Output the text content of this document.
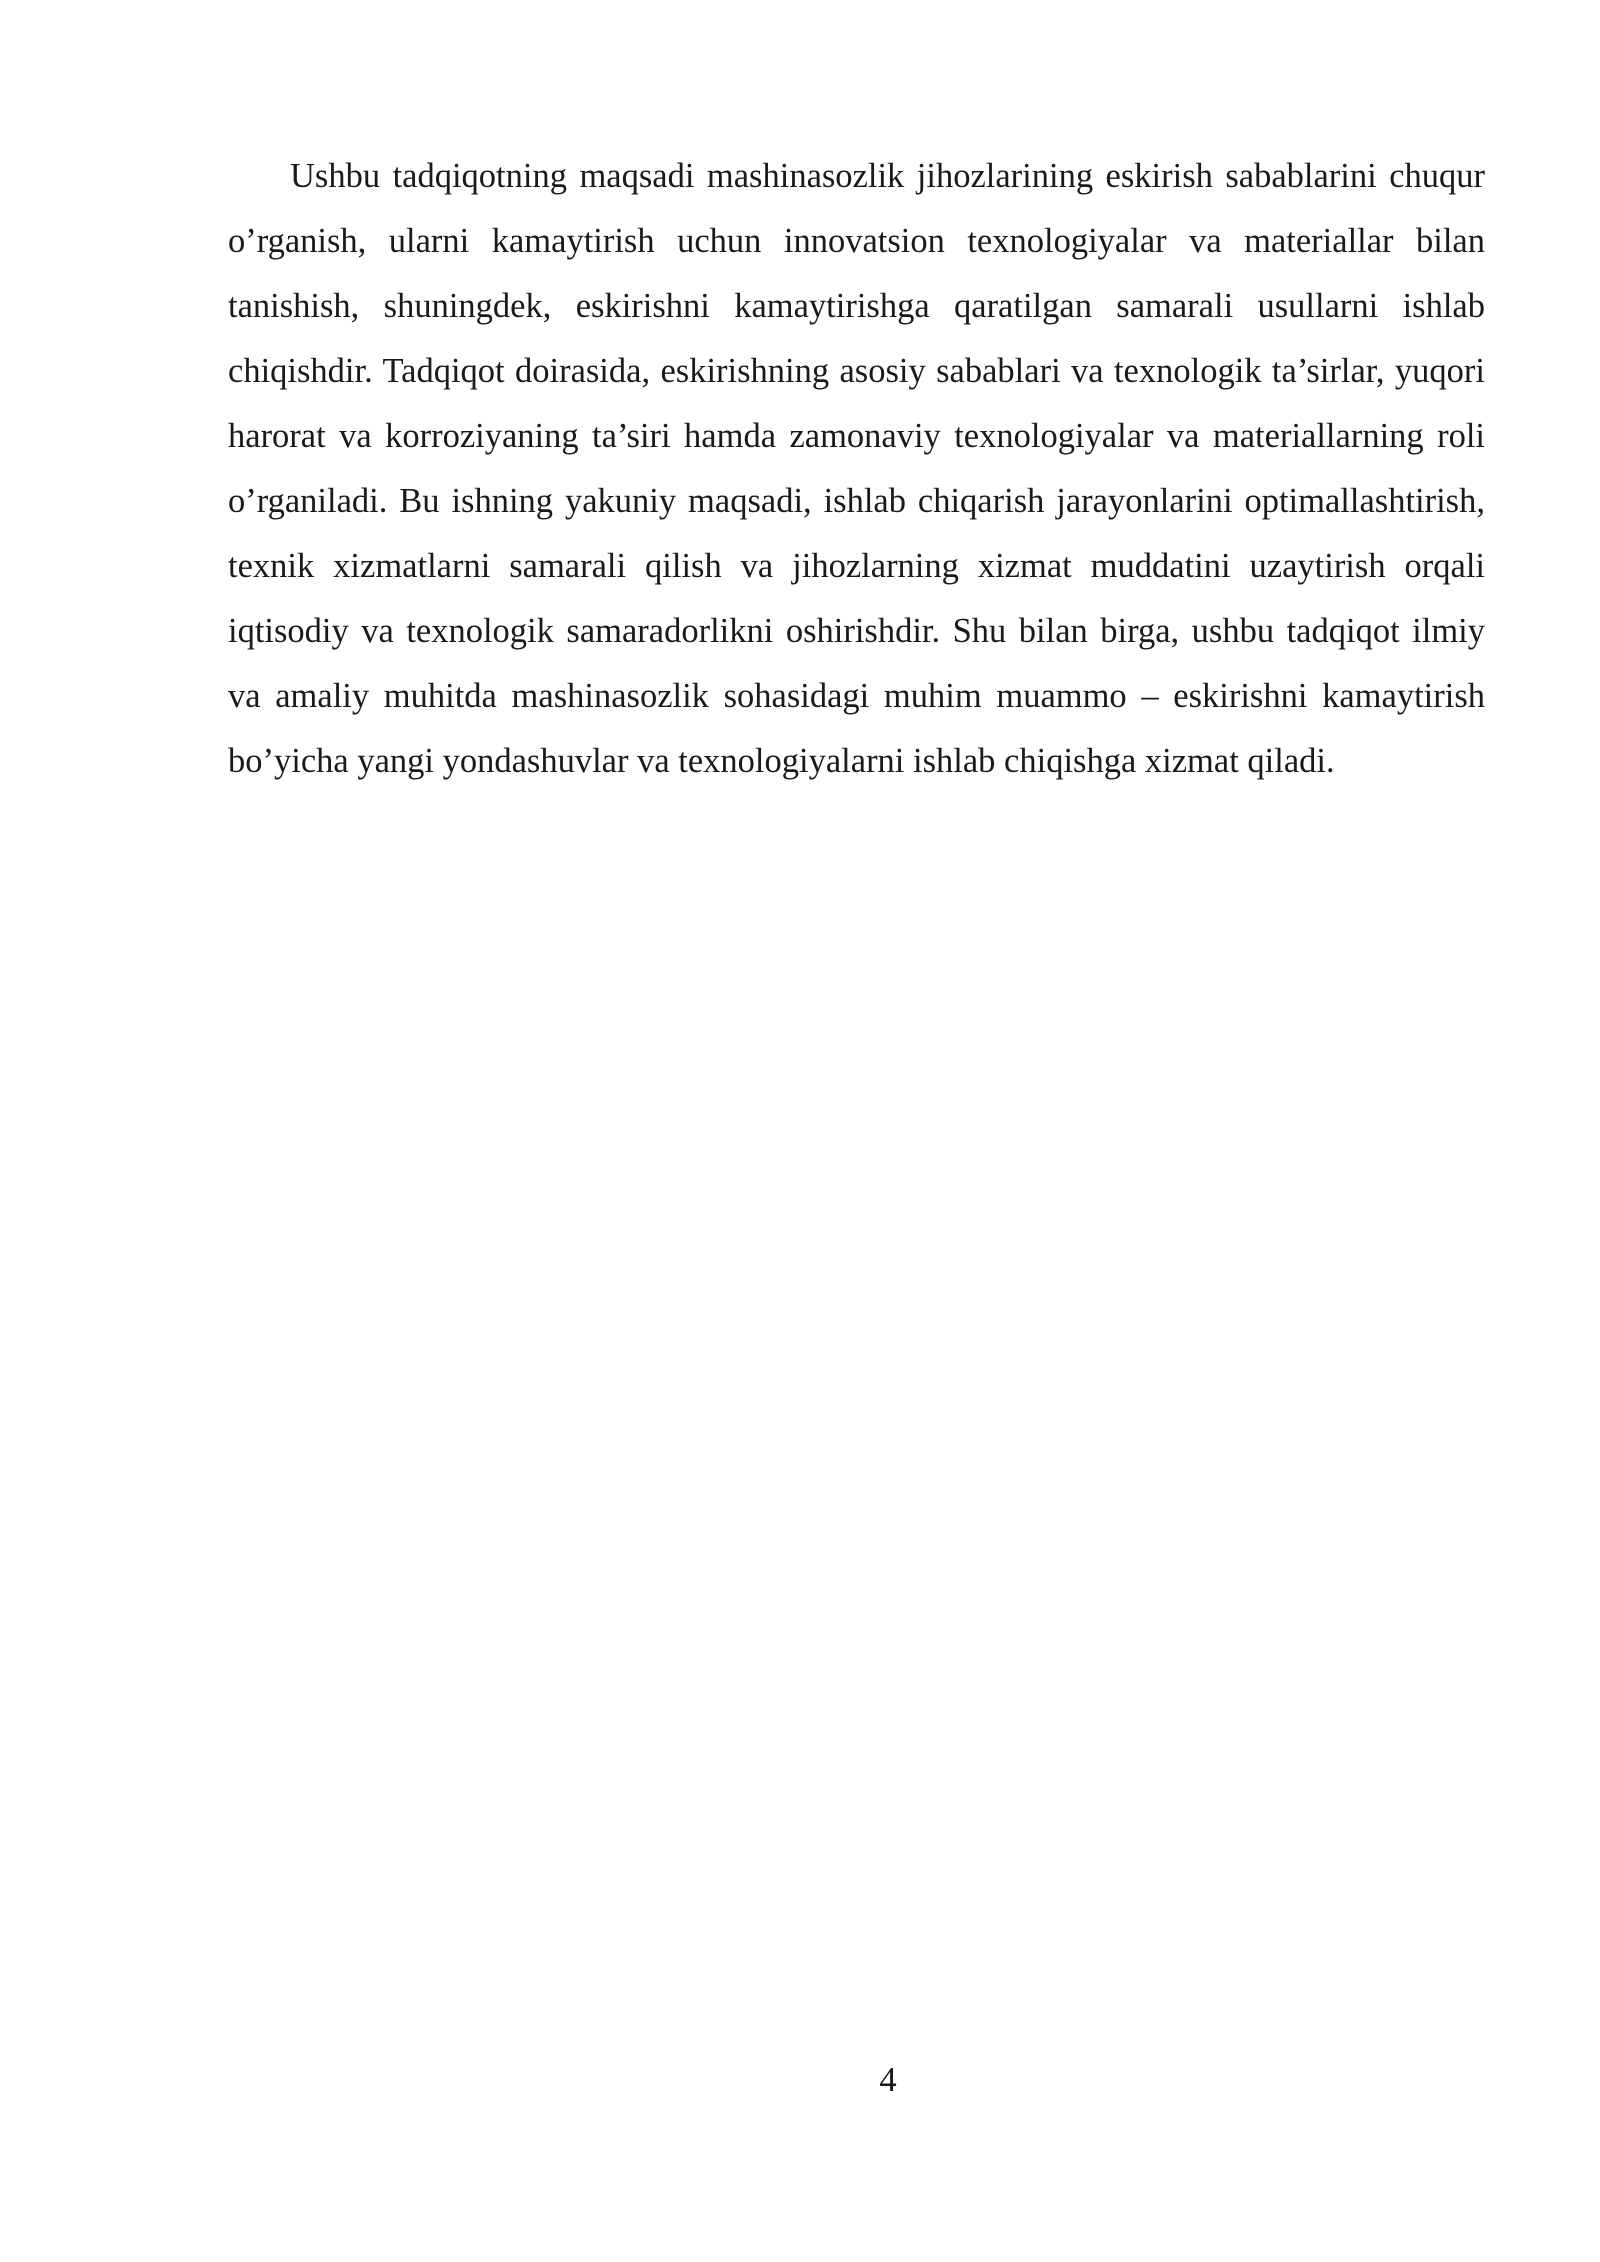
Ushbu tadqiqotning maqsadi mashinasozlik jihozlarining eskirish sabablarini chuqur o’rganish, ularni kamaytirish uchun innovatsion texnologiyalar va materiallar bilan tanishish, shuningdek, eskirishni kamaytirishga qaratilgan samarali usullarni ishlab chiqishdir. Tadqiqot doirasida, eskirishning asosiy sabablari va texnologik ta’sirlar, yuqori harorat va korroziyaning ta’siri hamda zamonaviy texnologiyalar va materiallarning roli o’rganiladi. Bu ishning yakuniy maqsadi, ishlab chiqarish jarayonlarini optimallashtirish, texnik xizmatlarni samarali qilish va jihozlarning xizmat muddatini uzaytirish orqali iqtisodiy va texnologik samaradorlikni oshirishdir. Shu bilan birga, ushbu tadqiqot ilmiy va amaliy muhitda mashinasozlik sohasidagi muhim muammo – eskirishni kamaytirish bo’yicha yangi yondashuvlar va texnologiyalarni ishlab chiqishga xizmat qiladi.

4
